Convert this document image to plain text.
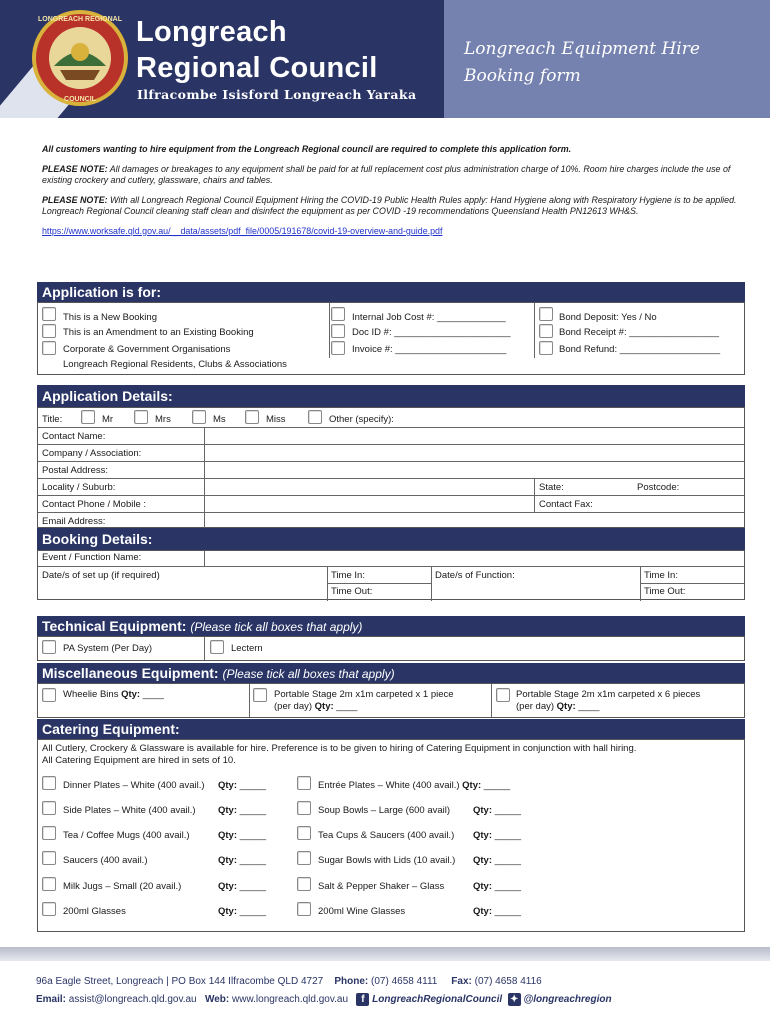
LONGREACH REGIONAL
COUNCIL
Longreach
Regional Council
Ilfracombe Isisford Longreach Yaraka
Longreach Equipment Hire
Booking form

All customers wanting to hire equipment from the Longreach Regional council are required to complete this application form.

PLEASE NOTE: All damages or breakages to any equipment shall be paid for at full replacement cost plus administration charge of 10%. Room hire charges include the use of existing crockery and cutlery, glassware, chairs and tables.

PLEASE NOTE: With all Longreach Regional Council Equipment Hiring the COVID-19 Public Health Rules apply: Hand Hygiene along with Respiratory Hygiene is to be applied. Longreach Regional Council cleaning staff clean and disinfect the equipment as per COVID -19 recommendations Queensland Health PN12613 WH&S.

https://www.worksafe.qld.gov.au/__data/assets/pdf_file/0005/191678/covid-19-overview-and-guide.pdf

Application is for:
This is a New Booking
This is an Amendment to an Existing Booking
Corporate & Government Organisations
Longreach Regional Residents, Clubs & Associations
Internal Job Cost #: _____________
Doc ID #: ______________________
Invoice #: _____________________
Bond Deposit: Yes / No
Bond Receipt #: _________________
Bond Refund: ___________________
Application Details:
Title:	Mr	Mrs	Ms	Miss	Other (specify):
Contact Name:
Company / Association:
Postal Address:
Locality / Suburb:	State:	Postcode:
Contact Phone / Mobile :	Contact Fax:
Email Address:
Booking Details:
Event / Function Name:
Date/s of set up (if required)	Time In:
Time Out:
Date/s of Function:	Time In:
Time Out:
Technical Equipment: (Please tick all boxes that apply)
PA System (Per Day)	Lectern
Miscellaneous Equipment: (Please tick all boxes that apply)
Wheelie Bins Qty: ____	Portable Stage 2m x1m carpeted x 1 piece
(per day) Qty: ____
Portable Stage 2m x1m carpeted x 6 pieces
(per day) Qty: ____
Catering Equipment:
All Cutlery, Crockery & Glassware is available for hire. Preference is to be given to hiring of Catering Equipment in conjunction with hall hiring.
All Catering Equipment are hired in sets of 10.
Dinner Plates – White (400 avail.) Qty: _____
Side Plates – White (400 avail.) Qty: _____
Tea / Coffee Mugs (400 avail.)	Qty: _____
Saucers (400 avail.)	Qty: _____
Milk Jugs – Small (20 avail.)	Qty: _____
200ml Glasses	Qty: _____
Entrée Plates – White (400 avail.) Qty: _____
Soup Bowls – Large (600 avail) Qty: _____
Tea Cups & Saucers (400 avail.) Qty: _____
Sugar Bowls with Lids (10 avail.) Qty: _____
Salt & Pepper Shaker – Glass	Qty: _____
200ml Wine Glasses	Qty: _____
96a Eagle Street, Longreach | PO Box 144 Ilfracombe QLD 4727 Phone: (07) 4658 4111 Fax: (07) 4658 4116
Email: assist@longreach.qld.gov.au Web: www.longreach.qld.gov.au f LongreachRegionalCouncil ✦ @longreachregion
